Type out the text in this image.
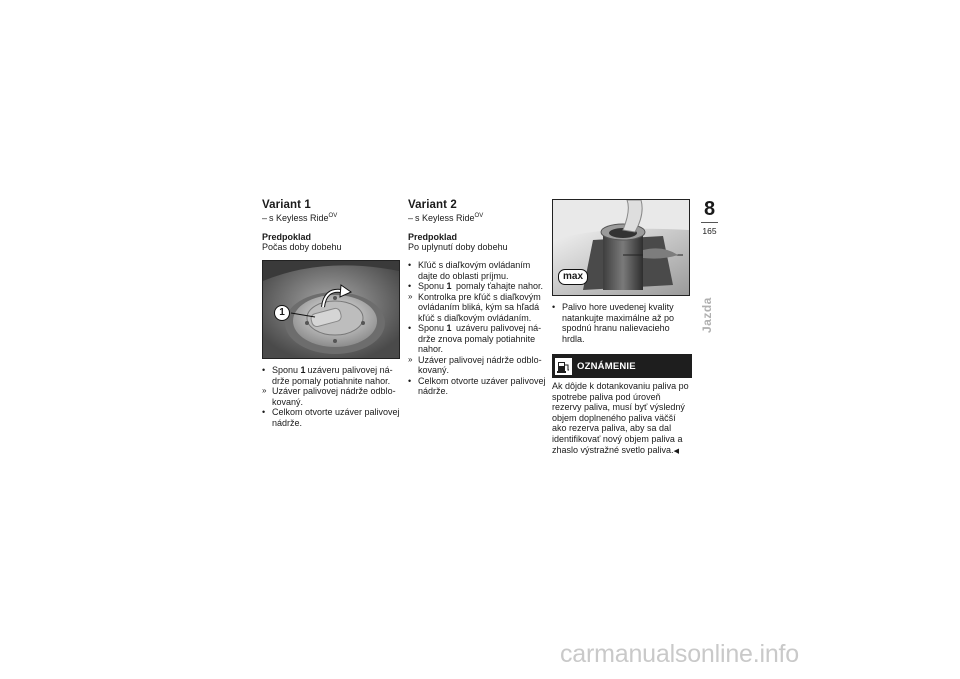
Variant 1

– s Keyless Ride$^{OV}$

Predpoklad

Počas doby dobehu

1
• Sponu 1 uzáveru palivovej ná-drže pomaly potiahnite nahor.
» Uzáver palivovej nádrže odblo-kovaný.
• Celkom otvorte uzáver palivovej nádrže.
Variant 2

– s Keyless Ride$^{OV}$

Predpoklad

Po uplynutí doby dobehu

• Kľúč s diaľkovým ovládaním dajte do oblasti príjmu.
• Sponu 1 pomaly ťahajte nahor.
» Kontrolka pre kľúč s diaľkovým ovládaním bliká, kým sa hľadá kľúč s diaľkovým ovládaním.
• Sponu 1 uzáveru palivovej ná-drže znova pomaly potiahnite nahor.
» Uzáver palivovej nádrže odblo-kovaný.
• Celkom otvorte uzáver palivovej nádrže.
max
• Palivo hore uvedenej kvality natankujte maximálne až po spodnú hranu nalievacieho hrdla.
OZNÁMENIE

Ak dôjde k dotankovaniu paliva po spotrebe paliva pod úroveň rezervy paliva, musí byť výsledný objem doplneného paliva väčší ako rezerva paliva, aby sa dal identifikovať nový objem paliva a zhaslo výstražné svetlo paliva.◀

8
165
Jazda
carmanualsonline.info
